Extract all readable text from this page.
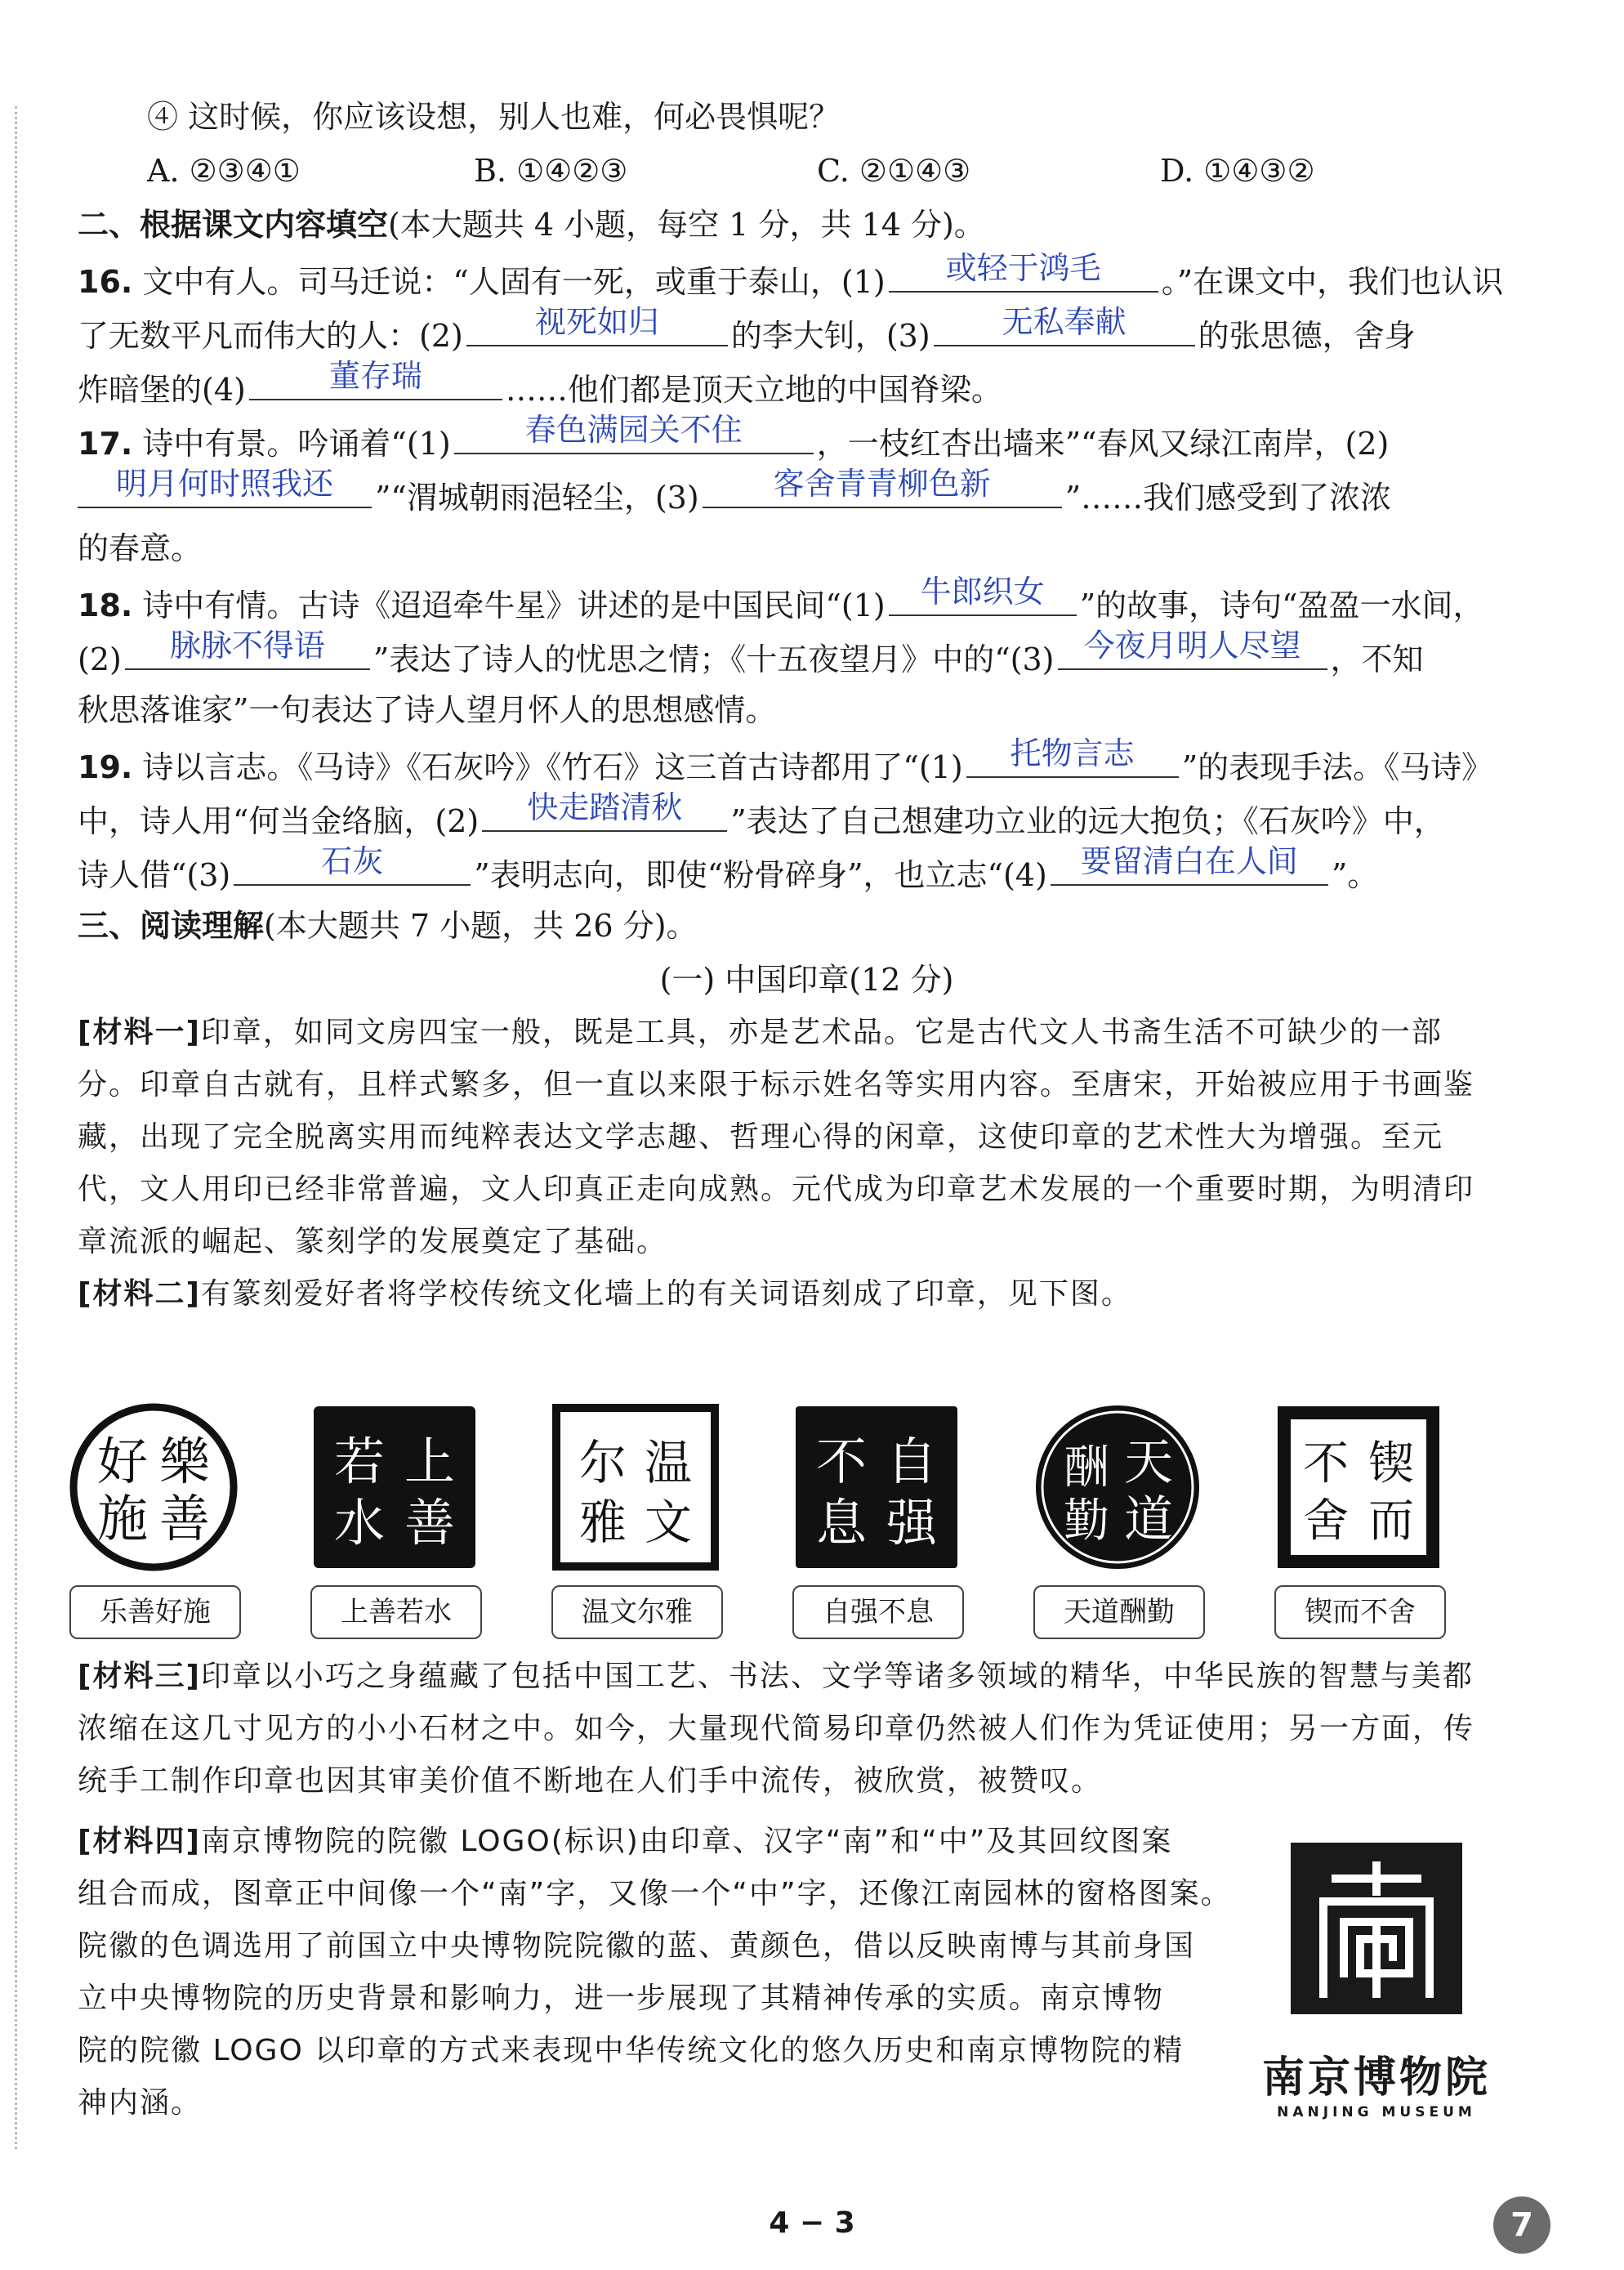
④ 这时候，你应该设想，别人也难，何必畏惧呢？
A. ②③④①	B. ①④②③	C. ②①④③	D. ①④③②
二、根据课文内容填空(本大题共 4 小题，每空 1 分，共 14 分)。
16. 文中有人。司马迁说：“人固有一死，或重于泰山，(1)	或轻于鸿毛	。”在课文中，我们也认识
了无数平凡而伟大的人：(2)	视死如归	的李大钊，(3)	无私奉献	的张思德，舍身
炸暗堡的(4)	董存瑞	……他们都是顶天立地的中国脊梁。
17. 诗中有景。吟诵着“(1)	春色满园关不住	，一枝红杏出墙来”“春风又绿江南岸，(2)
明月何时照我还	”“渭城朝雨浥轻尘，(3)	客舍青青柳色新	”……我们感受到了浓浓
的春意。
18. 诗中有情。古诗《迢迢牵牛星》讲述的是中国民间“(1)	牛郎织女	”的故事，诗句“盈盈一水间，
(2)	脉脉不得语	”表达了诗人的忧思之情；《十五夜望月》中的“(3) 今夜月明人尽望 ，不知
秋思落谁家”一句表达了诗人望月怀人的思想感情。
19. 诗以言志。《马诗》《石灰吟》《竹石》这三首古诗都用了“(1)	托物言志	”的表现手法。《马诗》
中，诗人用“何当金络脑，(2)	快走踏清秋	”表达了自己想建功立业的远大抱负；《石灰吟》中，
诗人借“(3)	石灰	”表明志向，即使“粉骨碎身”，也立志“(4)	要留清白在人间	”。
三、阅读理解(本大题共 7 小题，共 26 分)。
(一) 中国印章(12 分)
[材料一]印章，如同文房四宝一般，既是工具，亦是艺术品。它是古代文人书斋生活不可缺少的一部
分。印章自古就有，且样式繁多，但一直以来限于标示姓名等实用内容。至唐宋，开始被应用于书画鉴
藏，出现了完全脱离实用而纯粹表达文学志趣、哲理心得的闲章，这使印章的艺术性大为增强。至元
代，文人用印已经非常普遍，文人印真正走向成熟。元代成为印章艺术发展的一个重要时期，为明清印
章流派的崛起、篆刻学的发展奠定了基础。
[材料二]有篆刻爱好者将学校传统文化墙上的有关词语刻成了印章，见下图。
樂
善
好
施
乐善好施
上
善
若
水
上善若水
温
文
尔
雅
温文尔雅
自
强
不
息
自强不息
天
道
酬
勤
天道酬勤
锲
而
不
舍
锲而不舍
[材料三]印章以小巧之身蕴藏了包括中国工艺、书法、文学等诸多领域的精华，中华民族的智慧与美都
浓缩在这几寸见方的小小石材之中。如今，大量现代简易印章仍然被人们作为凭证使用；另一方面，传
统手工制作印章也因其审美价值不断地在人们手中流传，被欣赏，被赞叹。
[材料四]南京博物院的院徽 LOGO(标识)由印章、汉字“南”和“中”及其回纹图案
组合而成，图章正中间像一个“南”字，又像一个“中”字，还像江南园林的窗格图案。
院徽的色调选用了前国立中央博物院院徽的蓝、黄颜色，借以反映南博与其前身国
立中央博物院的历史背景和影响力，进一步展现了其精神传承的实质。南京博物
院的院徽 LOGO 以印章的方式来表现中华传统文化的悠久历史和南京博物院的精
神内涵。
南京博物院
NANJING MUSEUM
4 − 3	7
